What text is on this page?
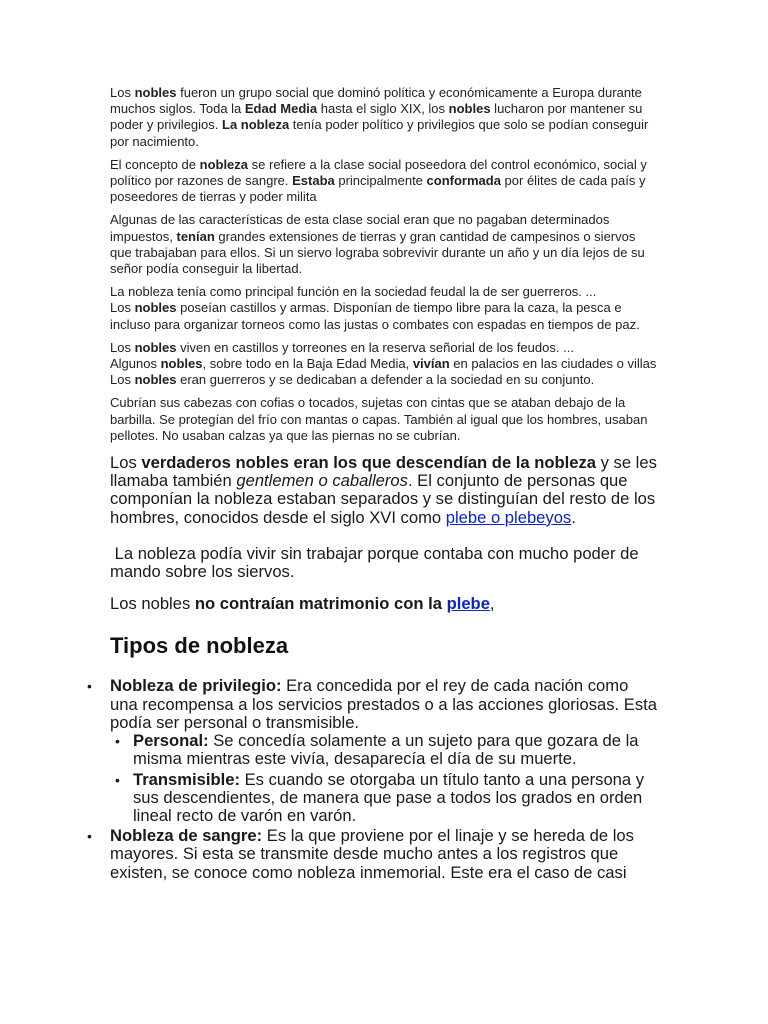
Los nobles fueron un grupo social que dominó política y económicamente a Europa durante muchos siglos. Toda la Edad Media hasta el siglo XIX, los nobles lucharon por mantener su poder y privilegios. La nobleza tenía poder político y privilegios que solo se podían conseguir por nacimiento.

El concepto de nobleza se refiere a la clase social poseedora del control económico, social y político por razones de sangre. Estaba principalmente conformada por élites de cada país y poseedores de tierras y poder milita

Algunas de las características de esta clase social eran que no pagaban determinados impuestos, tenían grandes extensiones de tierras y gran cantidad de campesinos o siervos que trabajaban para ellos. Si un siervo lograba sobrevivir durante un año y un día lejos de su señor podía conseguir la libertad.

La nobleza tenía como principal función en la sociedad feudal la de ser guerreros. ...
Los nobles poseían castillos y armas. Disponían de tiempo libre para la caza, la pesca e incluso para organizar torneos como las justas o combates con espadas en tiempos de paz.

Los nobles viven en castillos y torreones en la reserva señorial de los feudos. ...
Algunos nobles, sobre todo en la Baja Edad Media, vivían en palacios en las ciudades o villas Los nobles eran guerreros y se dedicaban a defender a la sociedad en su conjunto.

Cubrían sus cabezas con cofias o tocados, sujetas con cintas que se ataban debajo de la barbilla. Se protegían del frío con mantas o capas. También al igual que los hombres, usaban pellotes. No usaban calzas ya que las piernas no se cubrían.

Los verdaderos nobles eran los que descendían de la nobleza y se les llamaba también gentlemen o caballeros. El conjunto de personas que componían la nobleza estaban separados y se distinguían del resto de los hombres, conocidos desde el siglo XVI como plebe o plebeyos.

La nobleza podía vivir sin trabajar porque contaba con mucho poder de mando sobre los siervos.

Los nobles no contraían matrimonio con la plebe,

Tipos de nobleza
• Nobleza de privilegio: Era concedida por el rey de cada nación como una recompensa a los servicios prestados o a las acciones gloriosas. Esta podía ser personal o transmisible.
• Personal: Se concedía solamente a un sujeto para que gozara de la misma mientras este vivía, desaparecía el día de su muerte.
• Transmisible: Es cuando se otorgaba un título tanto a una persona y sus descendientes, de manera que pase a todos los grados en orden lineal recto de varón en varón.
• Nobleza de sangre: Es la que proviene por el linaje y se hereda de los mayores. Si esta se transmite desde mucho antes a los registros que existen, se conoce como nobleza inmemorial. Este era el caso de casi
